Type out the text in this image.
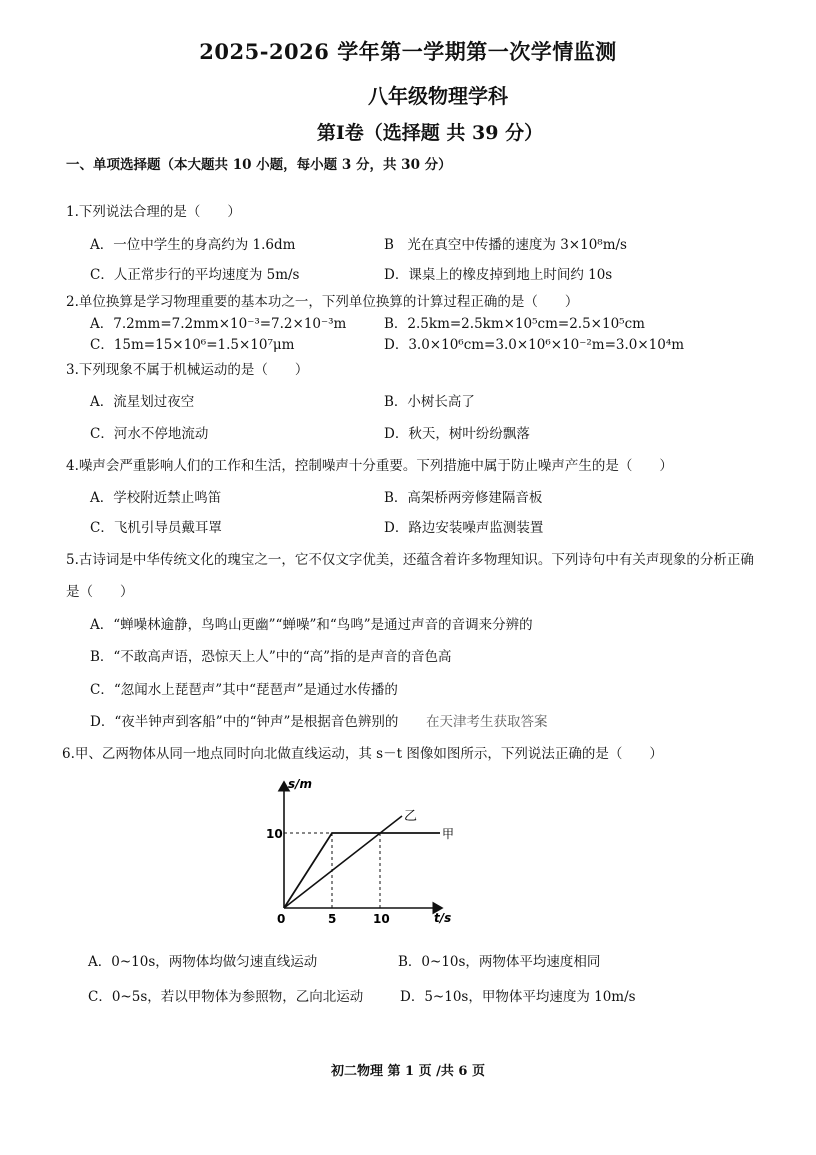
2025-2026 学年第一学期第一次学情监测
八年级物理学科
第Ⅰ卷（选择题 共 39 分）
一、单项选择题（本大题共 10 小题，每小题 3 分，共 30 分）
1.下列说法合理的是（　　）
A．一位中学生的身高约为 1.6dm	B　光在真空中传播的速度为 3×10⁸m/s
C．人正常步行的平均速度为 5m/s	D．课桌上的橡皮掉到地上时间约 10s
2.单位换算是学习物理重要的基本功之一，下列单位换算的计算过程正确的是（　　）
A．7.2mm=7.2mm×10⁻³=7.2×10⁻³m	B．2.5km=2.5km×10⁵cm=2.5×10⁵cm
C．15m=15×10⁶=1.5×10⁷μm	D．3.0×10⁶cm=3.0×10⁶×10⁻²m=3.0×10⁴m
3.下列现象不属于机械运动的是（　　）
A．流星划过夜空	B．小树长高了
C．河水不停地流动	D．秋天，树叶纷纷飘落
4.噪声会严重影响人们的工作和生活，控制噪声十分重要。下列措施中属于防止噪声产生的是（　　）
A．学校附近禁止鸣笛	B．高架桥两旁修建隔音板
C．飞机引导员戴耳罩	D．路边安装噪声监测装置
5.古诗词是中华传统文化的瑰宝之一，它不仅文字优美，还蕴含着许多物理知识。下列诗句中有关声现象的分析正确
是（　　）
A．“蝉噪林逾静，鸟鸣山更幽”“蝉噪”和“鸟鸣”是通过声音的音调来分辨的
B．“不敢高声语，恐惊天上人”中的“高”指的是声音的音色高
C．“忽闻水上琵琶声”其中“琵琶声”是通过水传播的
D．“夜半钟声到客船”中的“钟声”是根据音色辨别的 在天津考生获取答案
6.甲、乙两物体从同一地点同时向北做直线运动，其 s－t 图像如图所示，下列说法正确的是（　　）
s/m
t/s
0
10
5	10
甲
乙
A．0~10s，两物体均做匀速直线运动	B．0~10s，两物体平均速度相同
C．0~5s，若以甲物体为参照物，乙向北运动	D．5~10s，甲物体平均速度为 10m/s
初二物理 第 1 页 /共 6 页
